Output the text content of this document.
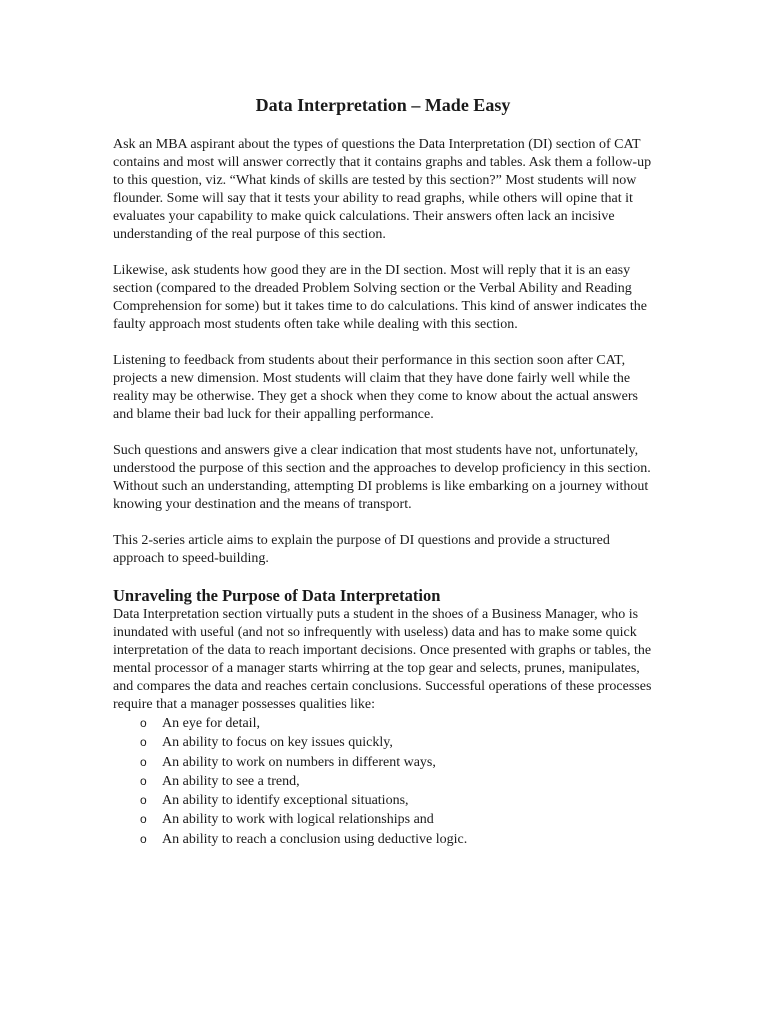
Data Interpretation – Made Easy

Ask an MBA aspirant about the types of questions the Data Interpretation (DI) section of CAT contains and most will answer correctly that it contains graphs and tables. Ask them a follow-up to this question, viz. “What kinds of skills are tested by this section?” Most students will now flounder. Some will say that it tests your ability to read graphs, while others will opine that it evaluates your capability to make quick calculations. Their answers often lack an incisive understanding of the real purpose of this section.

Likewise, ask students how good they are in the DI section. Most will reply that it is an easy section (compared to the dreaded Problem Solving section or the Verbal Ability and Reading Comprehension for some) but it takes time to do calculations. This kind of answer indicates the faulty approach most students often take while dealing with this section.

Listening to feedback from students about their performance in this section soon after CAT, projects a new dimension. Most students will claim that they have done fairly well while the reality may be otherwise. They get a shock when they come to know about the actual answers and blame their bad luck for their appalling performance.

Such questions and answers give a clear indication that most students have not, unfortunately, understood the purpose of this section and the approaches to develop proficiency in this section. Without such an understanding, attempting DI problems is like embarking on a journey without knowing your destination and the means of transport.

This 2-series article aims to explain the purpose of DI questions and provide a structured approach to speed-building.

Unraveling the Purpose of Data Interpretation

Data Interpretation section virtually puts a student in the shoes of a Business Manager, who is inundated with useful (and not so infrequently with useless) data and has to make some quick interpretation of the data to reach important decisions. Once presented with graphs or tables, the mental processor of a manager starts whirring at the top gear and selects, prunes, manipulates, and compares the data and reaches certain conclusions. Successful operations of these processes require that a manager possesses qualities like:

o An eye for detail,
o An ability to focus on key issues quickly,
o An ability to work on numbers in different ways,
o An ability to see a trend,
o An ability to identify exceptional situations,
o An ability to work with logical relationships and
o An ability to reach a conclusion using deductive logic.
